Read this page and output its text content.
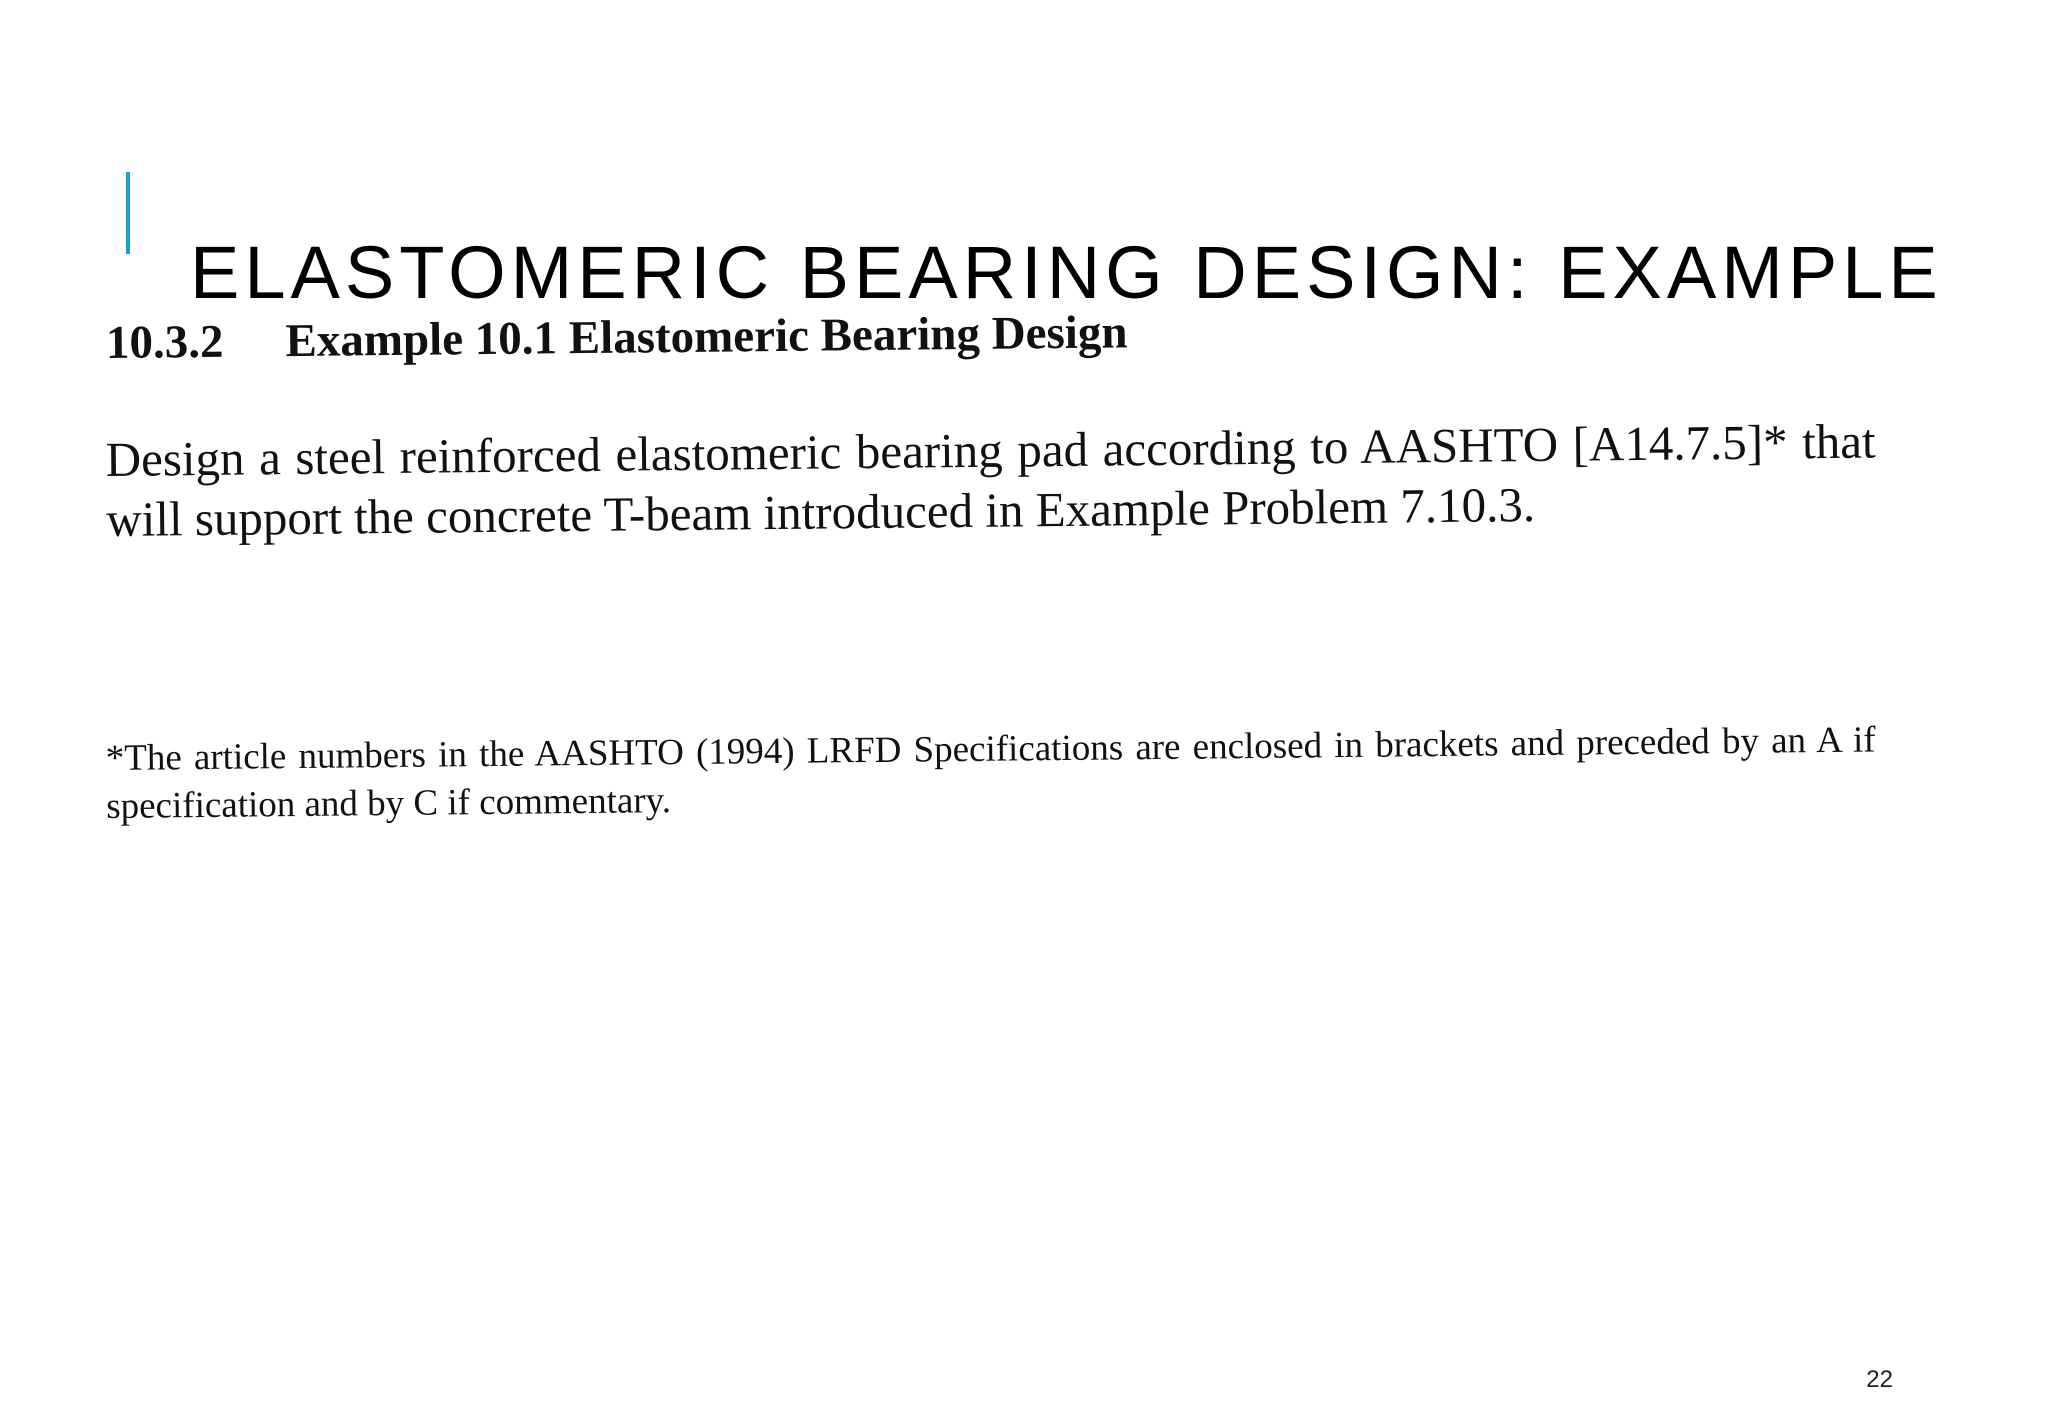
ELASTOMERIC BEARING DESIGN: EXAMPLE
10.3.2 Example 10.1 Elastomeric Bearing Design

Design a steel reinforced elastomeric bearing pad according to AASHTO [A14.7.5]* that will support the concrete T-beam introduced in Example Problem 7.10.3.

*The article numbers in the AASHTO (1994) LRFD Specifications are enclosed in brackets and preceded by an A if specification and by C if commentary.

22
